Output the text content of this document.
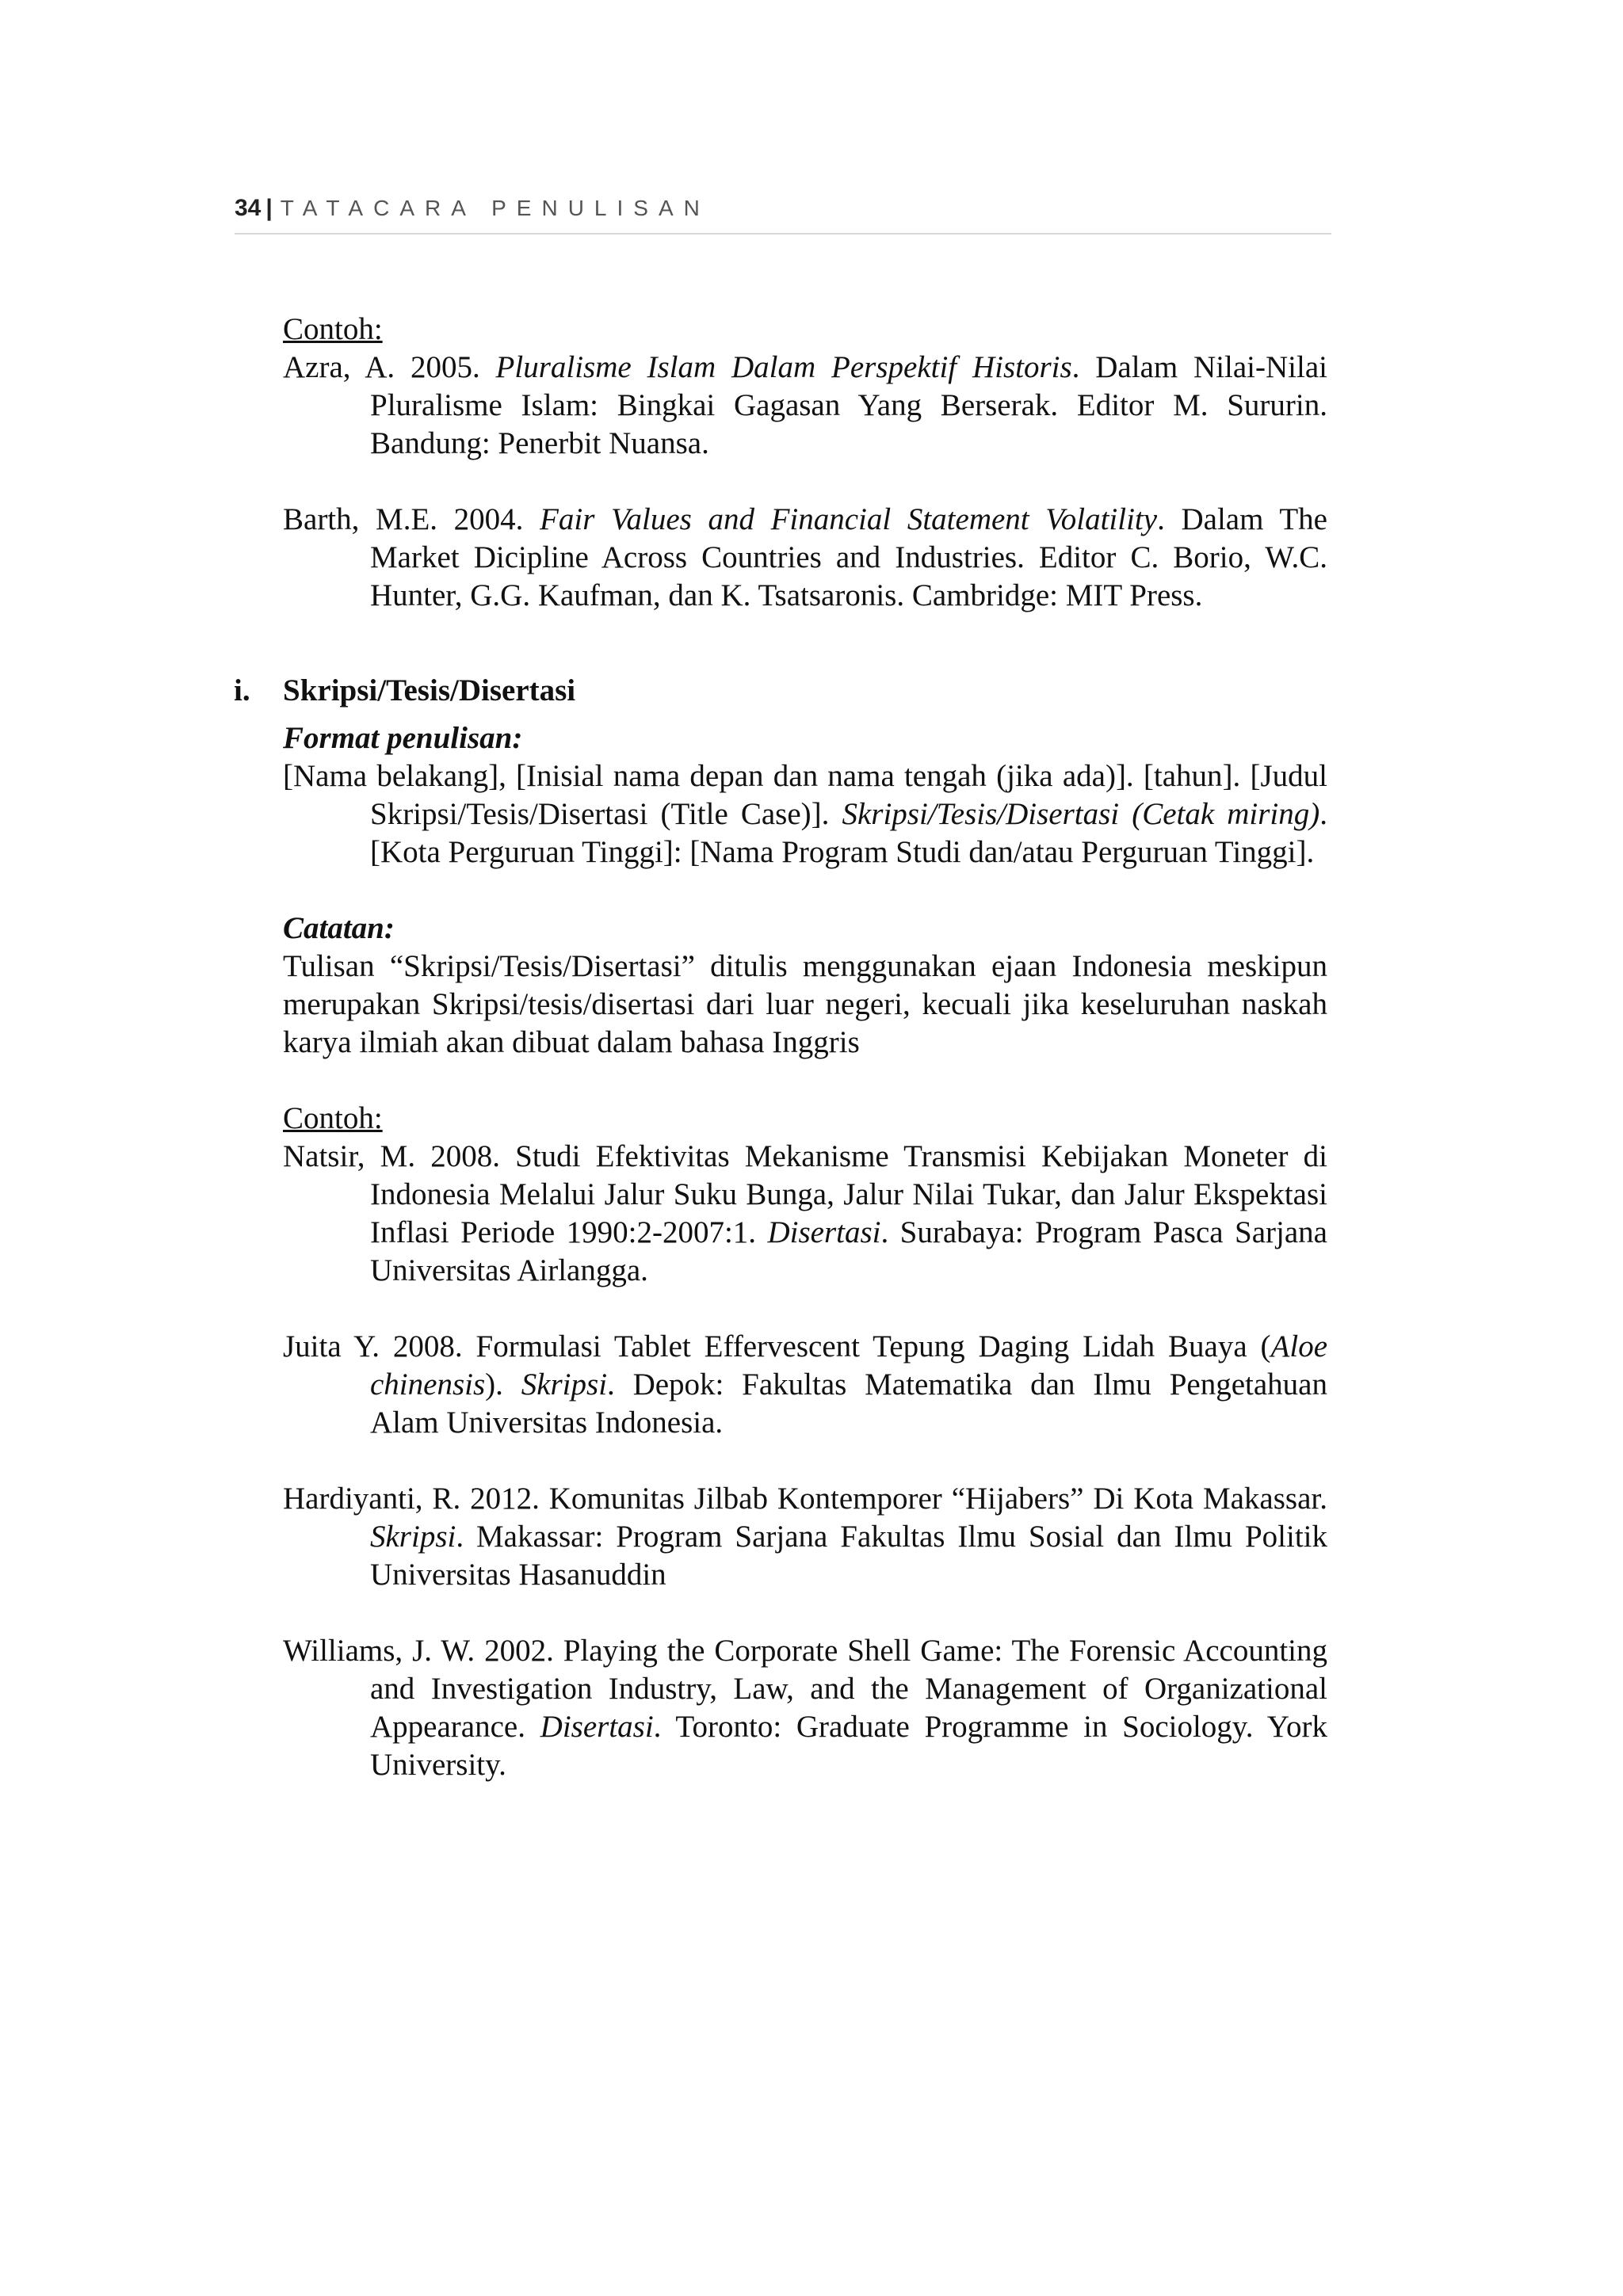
34 | TATACARA PENULISAN
Contoh:

Azra, A. 2005. Pluralisme Islam Dalam Perspektif Historis. Dalam Nilai-Nilai Pluralisme Islam: Bingkai Gagasan Yang Berserak. Editor M. Sururin. Bandung: Penerbit Nuansa.

Barth, M.E. 2004. Fair Values and Financial Statement Volatility. Dalam The Market Dicipline Across Countries and Industries. Editor C. Borio, W.C. Hunter, G.G. Kaufman, dan K. Tsatsaronis. Cambridge: MIT Press.

i. Skripsi/Tesis/Disertasi
Format penulisan:

[Nama belakang], [Inisial nama depan dan nama tengah (jika ada)]. [tahun]. [Judul Skripsi/Tesis/Disertasi (Title Case)]. Skripsi/Tesis/Disertasi (Cetak miring). [Kota Perguruan Tinggi]: [Nama Program Studi dan/atau Perguruan Tinggi].

Catatan:

Tulisan “Skripsi/Tesis/Disertasi” ditulis menggunakan ejaan Indonesia meskipun merupakan Skripsi/tesis/disertasi dari luar negeri, kecuali jika keseluruhan naskah karya ilmiah akan dibuat dalam bahasa Inggris

Contoh:

Natsir, M. 2008. Studi Efektivitas Mekanisme Transmisi Kebijakan Moneter di Indonesia Melalui Jalur Suku Bunga, Jalur Nilai Tukar, dan Jalur Ekspektasi Inflasi Periode 1990:2-2007:1. Disertasi. Surabaya: Program Pasca Sarjana Universitas Airlangga.

Juita Y. 2008. Formulasi Tablet Effervescent Tepung Daging Lidah Buaya (Aloe chinensis). Skripsi. Depok: Fakultas Matematika dan Ilmu Pengetahuan Alam Universitas Indonesia.

Hardiyanti, R. 2012. Komunitas Jilbab Kontemporer “Hijabers” Di Kota Makassar. Skripsi. Makassar: Program Sarjana Fakultas Ilmu Sosial dan Ilmu Politik Universitas Hasanuddin

Williams, J. W. 2002. Playing the Corporate Shell Game: The Forensic Accounting and Investigation Industry, Law, and the Management of Organizational Appearance. Disertasi. Toronto: Graduate Programme in Sociology. York University.
